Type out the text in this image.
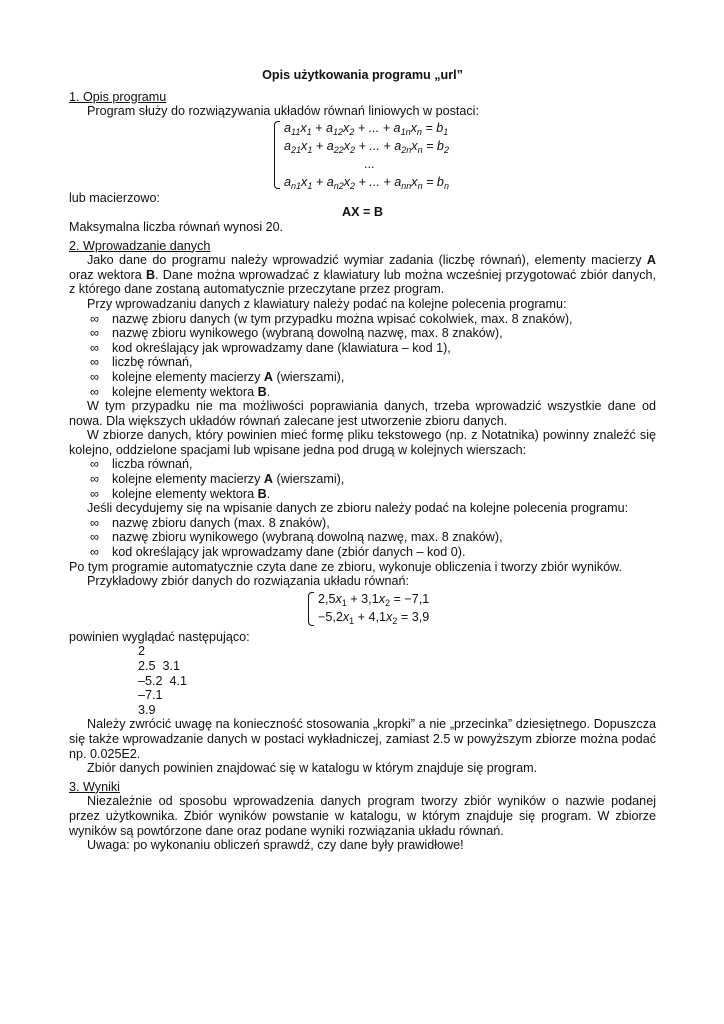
Opis użytkowania programu „url”

1. Opis programu

Program służy do rozwiązywania układów równań liniowych w postaci:

$a_{11}x_1 + a_{12}x_2$ + ... + $a_{1n}x_n = b_1$
$a_{21}x_1 + a_{22}x_2$ + ... + $a_{2n}x_n = b_2$
...
$a_{n1}x_1 + a_{n2}x_2$ + ... + $a_{nn}x_n = b_n$

lub macierzowo:

AX = B

Maksymalna liczba równań wynosi 20.

2. Wprowadzanie danych

Jako dane do programu należy wprowadzić wymiar zadania (liczbę równań), elementy macierzy A oraz wektora B. Dane można wprowadzać z klawiatury lub można wcześniej przygotować zbiór danych, z którego dane zostaną automatycznie przeczytane przez program.

Przy wprowadzaniu danych z klawiatury należy podać na kolejne polecenia programu:

∞ nazwę zbioru danych (w tym przypadku można wpisać cokolwiek, max. 8 znaków),

∞ nazwę zbioru wynikowego (wybraną dowolną nazwę, max. 8 znaków),

∞ kod określający jak wprowadzamy dane (klawiatura – kod 1),

∞ liczbę równań,

∞ kolejne elementy macierzy A (wierszami),

∞ kolejne elementy wektora B.

W tym przypadku nie ma możliwości poprawiania danych, trzeba wprowadzić wszystkie dane od nowa. Dla większych układów równań zalecane jest utworzenie zbioru danych.

W zbiorze danych, który powinien mieć formę pliku tekstowego (np. z Notatnika) powinny znaleźć się kolejno, oddzielone spacjami lub wpisane jedna pod drugą w kolejnych wierszach:

∞ liczba równań,

∞ kolejne elementy macierzy A (wierszami),

∞ kolejne elementy wektora B.

Jeśli decydujemy się na wpisanie danych ze zbioru należy podać na kolejne polecenia programu:

∞ nazwę zbioru danych (max. 8 znaków),

∞ nazwę zbioru wynikowego (wybraną dowolną nazwę, max. 8 znaków),

∞ kod określający jak wprowadzamy dane (zbiór danych – kod 0).

Po tym programie automatycznie czyta dane ze zbioru, wykonuje obliczenia i tworzy zbiór wyników.

Przykładowy zbiór danych do rozwiązania układu równań:

$2,5x_1 + 3,1x_2 = -7,1$
$-5,2x_1 + 4,1x_2 = 3,9$

powinien wyglądać następująco:

2

2.5  3.1

–5.2  4.1

–7.1

3.9

Należy zwrócić uwagę na konieczność stosowania „kropki” a nie „przecinka” dziesiętnego. Dopuszcza się także wprowadzanie danych w postaci wykładniczej, zamiast 2.5 w powyższym zbiorze można podać np. 0.025E2.

Zbiór danych powinien znajdować się w katalogu w którym znajduje się program.

3. Wyniki

Niezależnie od sposobu wprowadzenia danych program tworzy zbiór wyników o nazwie podanej przez użytkownika. Zbiór wyników powstanie w katalogu, w którym znajduje się program. W zbiorze wyników są powtórzone dane oraz podane wyniki rozwiązania układu równań.

Uwaga: po wykonaniu obliczeń sprawdź, czy dane były prawidłowe!
